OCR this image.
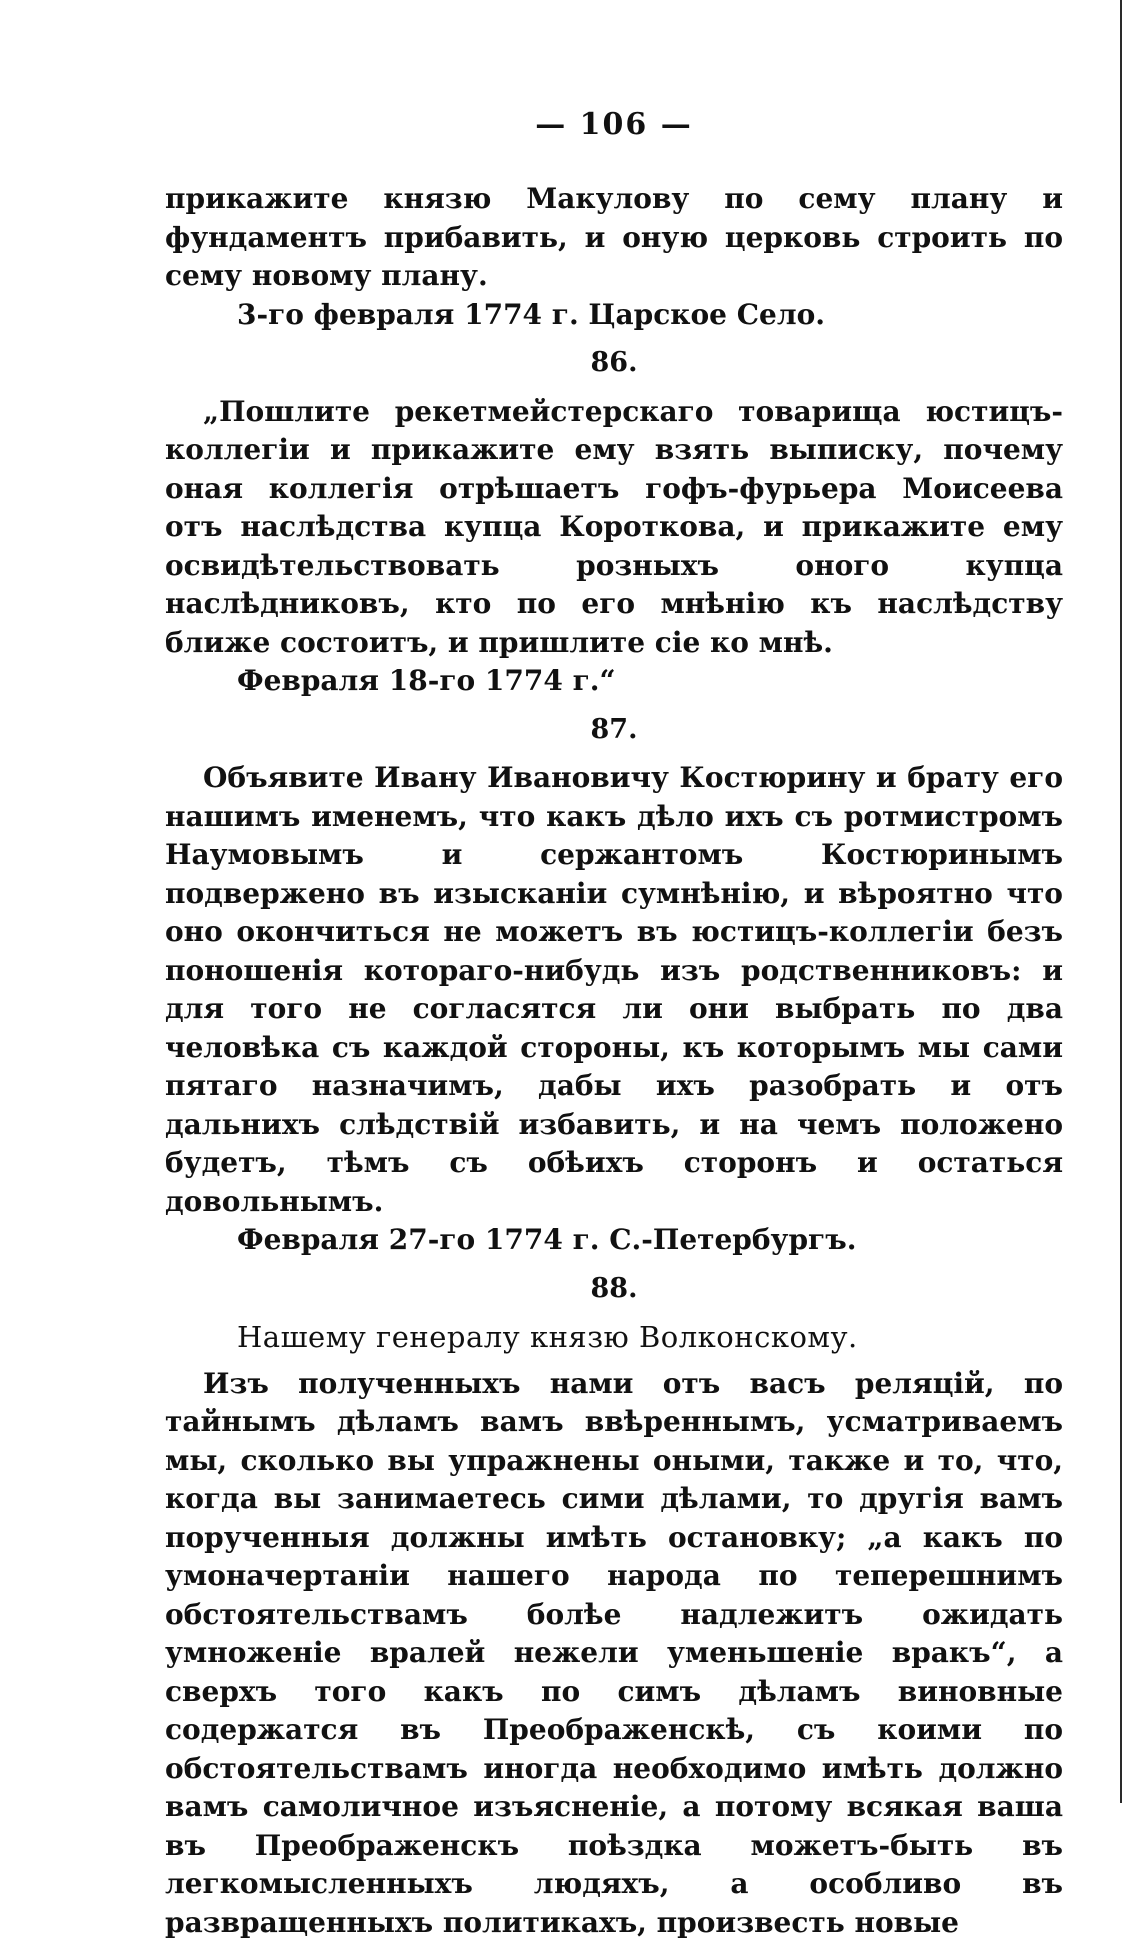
— 106 —

прикажите князю Макулову по сему плану и фундаментъ прибавить, и оную церковь строить по сему новому плану.

3-го февраля 1774 г. Царское Село.

86.

„Пошлите рекетмейстерскаго товарища юстицъ-коллегіи и прикажите ему взять выписку, почему оная коллегія отрѣшаетъ гофъ-фурьера Моисеева отъ наслѣдства купца Короткова, и прикажите ему освидѣтельствовать розныхъ оного купца наслѣдниковъ, кто по его мнѣнію къ наслѣдству ближе состоитъ, и пришлите сіе ко мнѣ.

Февраля 18-го 1774 г.“

87.

Объявите Ивану Ивановичу Костюрину и брату его нашимъ именемъ, что какъ дѣло ихъ съ ротмистромъ Наумовымъ и сержантомъ Костюринымъ подвержено въ изысканіи сумнѣнію, и вѣроятно что оно окончиться не можетъ въ юстицъ-коллегіи безъ поношенія котораго-нибудь изъ родственниковъ: и для того не согласятся ли они выбрать по два человѣка съ каждой стороны, къ которымъ мы сами пятаго назначимъ, дабы ихъ разобрать и отъ дальнихъ слѣдствій избавить, и на чемъ положено будетъ, тѣмъ съ обѣихъ сторонъ и остаться довольнымъ.

Февраля 27-го 1774 г. С.-Петербургъ.

88.

Нашему генералу князю Волконскому.

Изъ полученныхъ нами отъ васъ реляцій, по тайнымъ дѣламъ вамъ ввѣреннымъ, усматриваемъ мы, сколько вы упражнены оными, также и то, что, когда вы занимаетесь сими дѣлами, то другія вамъ порученныя должны имѣть остановку; „а какъ по умоначертаніи нашего народа по теперешнимъ обстоятельствамъ болѣе надлежитъ ожидать умноженіе вралей нежели уменьшеніе вракъ“, а сверхъ того какъ по симъ дѣламъ виновные содержатся въ Преображенскѣ, съ коими по обстоятельствамъ иногда необходимо имѣть должно вамъ самоличное изъясненіе, а потому всякая ваша въ Преображенскъ поѣздка можетъ-быть въ легкомысленныхъ людяхъ, а особливо въ развращенныхъ политикахъ, произвесть новые
